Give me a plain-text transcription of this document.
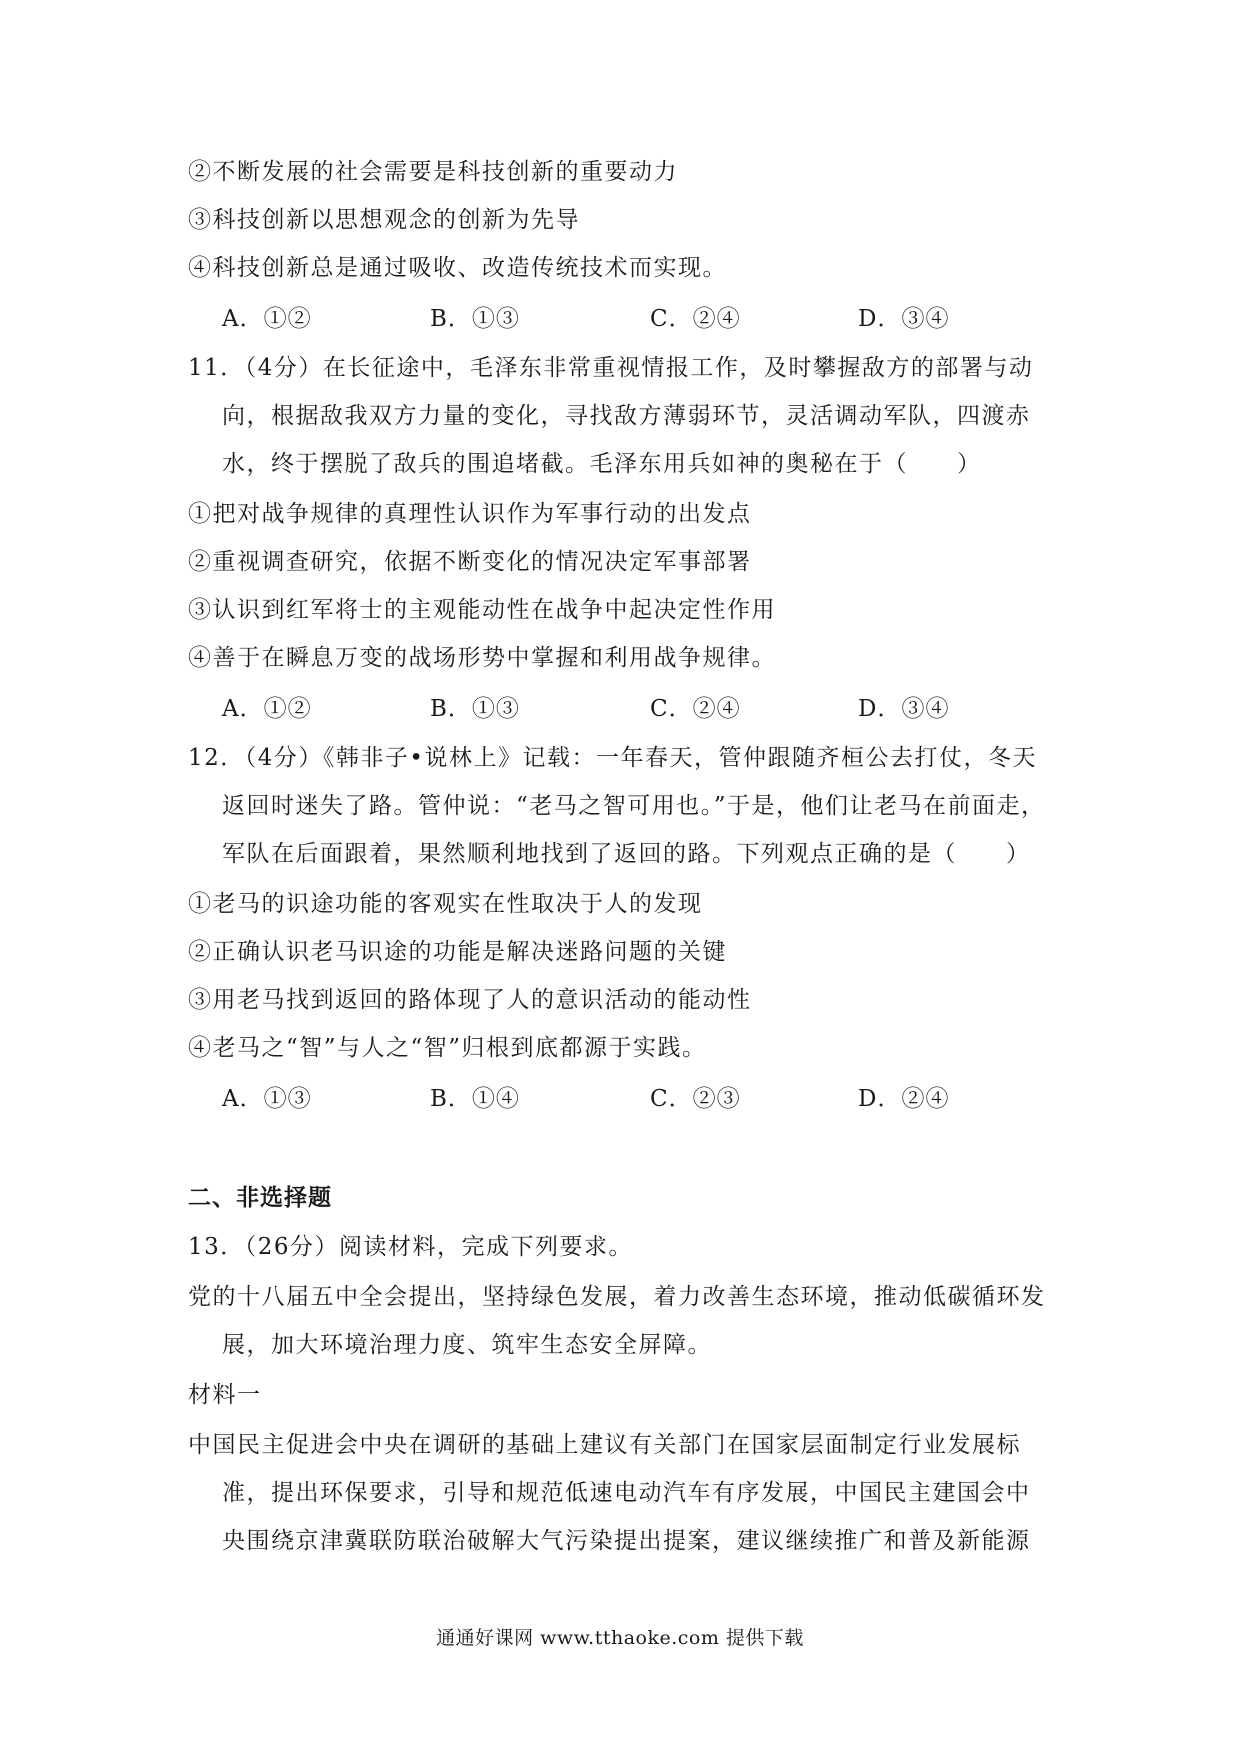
②不断发展的社会需要是科技创新的重要动力
③科技创新以思想观念的创新为先导
④科技创新总是通过吸收、改造传统技术而实现。
A．①②	B．①③	C．②④	D．③④
11．（4分）在长征途中，毛泽东非常重视情报工作，及时攀握敌方的部署与动
向，根据敌我双方力量的变化，寻找敌方薄弱环节，灵活调动军队，四渡赤
水，终于摆脱了敌兵的围追堵截。毛泽东用兵如神的奥秘在于（　　）
①把对战争规律的真理性认识作为军事行动的出发点
②重视调查研究，依据不断变化的情况决定军事部署
③认识到红军将士的主观能动性在战争中起决定性作用
④善于在瞬息万变的战场形势中掌握和利用战争规律。
A．①②	B．①③	C．②④	D．③④
12．（4分）《韩非子•说林上》记载：一年春天，管仲跟随齐桓公去打仗，冬天
返回时迷失了路。管仲说：“老马之智可用也。”于是，他们让老马在前面走，
军队在后面跟着，果然顺利地找到了返回的路。下列观点正确的是（　　）
①老马的识途功能的客观实在性取决于人的发现
②正确认识老马识途的功能是解决迷路问题的关键
③用老马找到返回的路体现了人的意识活动的能动性
④老马之“智”与人之“智”归根到底都源于实践。
A．①③	B．①④	C．②③	D．②④
二、非选择题
13．（26分）阅读材料，完成下列要求。
党的十八届五中全会提出，坚持绿色发展，着力改善生态环境，推动低碳循环发
展，加大环境治理力度、筑牢生态安全屏障。
材料一
中国民主促进会中央在调研的基础上建议有关部门在国家层面制定行业发展标
准，提出环保要求，引导和规范低速电动汽车有序发展，中国民主建国会中
央围绕京津冀联防联治破解大气污染提出提案，建议继续推广和普及新能源
通通好课网 www.tthaoke.com 提供下载
